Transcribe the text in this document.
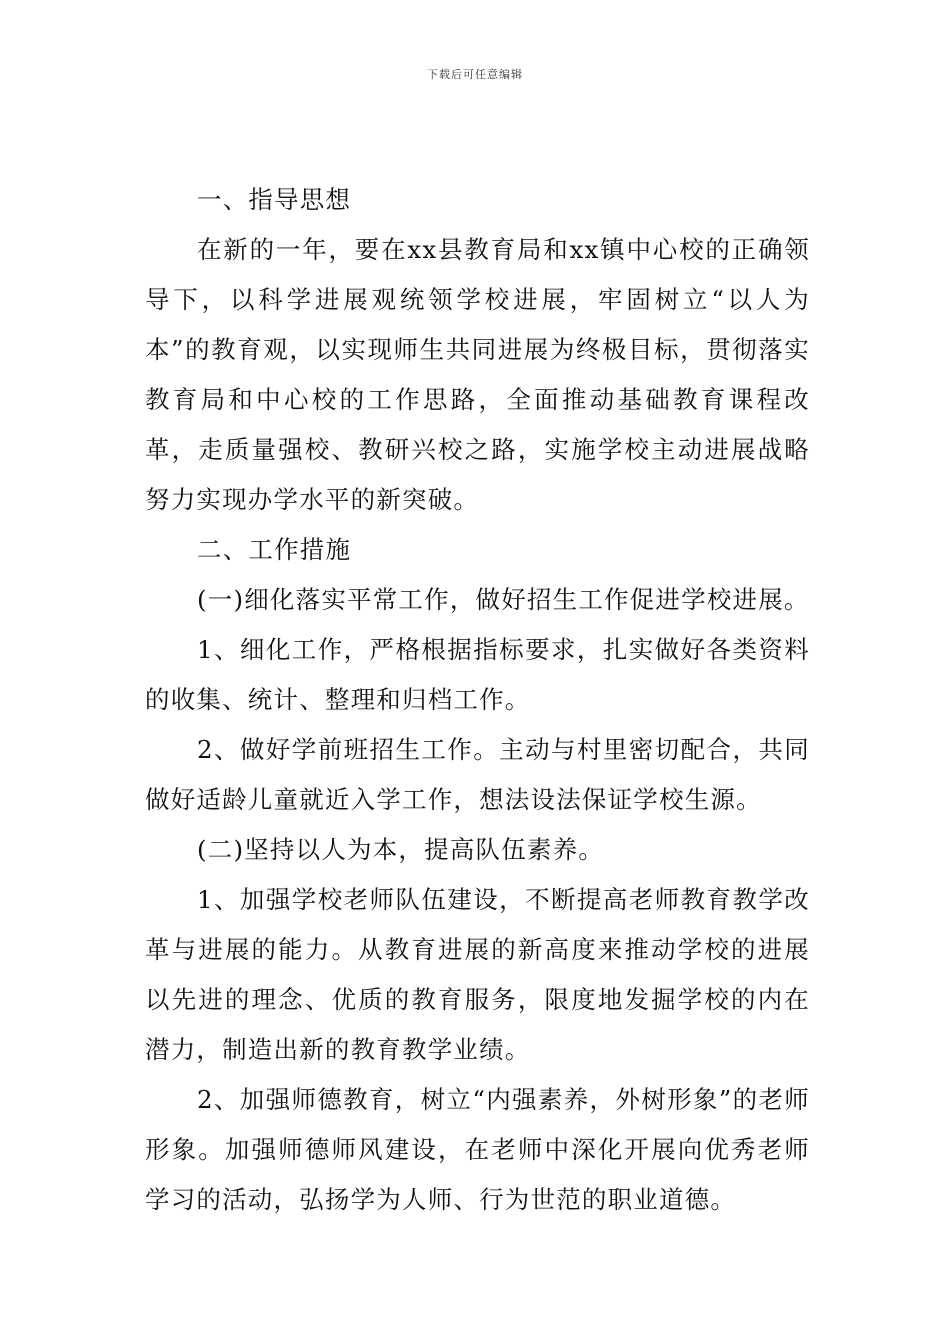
下载后可任意编辑

一、指导思想

在新的一年，要在xx县教育局和xx镇中心校的正确领导下，以科学进展观统领学校进展，牢固树立“以人为本”的教育观，以实现师生共同进展为终极目标，贯彻落实教育局和中心校的工作思路，全面推动基础教育课程改革，走质量强校、教研兴校之路，实施学校主动进展战略努力实现办学水平的新突破。

二、工作措施

(一)细化落实平常工作，做好招生工作促进学校进展。

1、细化工作，严格根据指标要求，扎实做好各类资料的收集、统计、整理和归档工作。

2、做好学前班招生工作。主动与村里密切配合，共同做好适龄儿童就近入学工作，想法设法保证学校生源。

(二)坚持以人为本，提高队伍素养。

1、加强学校老师队伍建设，不断提高老师教育教学改革与进展的能力。从教育进展的新高度来推动学校的进展以先进的理念、优质的教育服务，限度地发掘学校的内在潜力，制造出新的教育教学业绩。

2、加强师德教育，树立“内强素养，外树形象”的老师形象。加强师德师风建设，在老师中深化开展向优秀老师学习的活动，弘扬学为人师、行为世范的职业道德。
